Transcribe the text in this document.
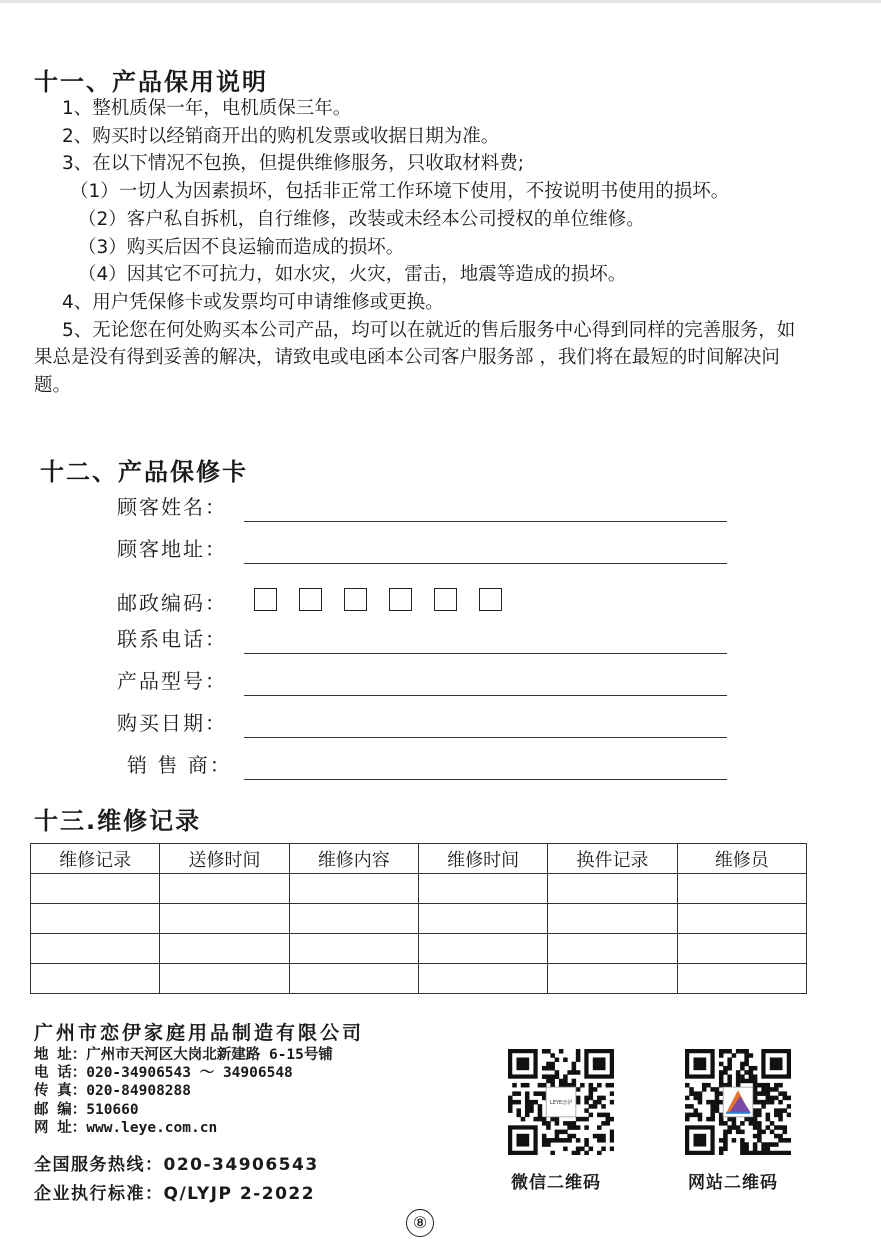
十一、产品保用说明

1、整机质保一年，电机质保三年。

2、购买时以经销商开出的购机发票或收据日期为准。

3、在以下情况不包换，但提供维修服务，只收取材料费;

（1）一切人为因素损坏，包括非正常工作环境下使用，不按说明书使用的损坏。

（2）客户私自拆机，自行维修，改装或未经本公司授权的单位维修。

（3）购买后因不良运输而造成的损坏。

（4）因其它不可抗力，如水灾，火灾，雷击，地震等造成的损坏。

4、用户凭保修卡或发票均可申请维修或更换。

5、无论您在何处购买本公司产品，均可以在就近的售后服务中心得到同样的完善服务，如果总是没有得到妥善的解决，请致电或电函本公司客户服务部 ，我们将在最短的时间解决问题。

十二、产品保修卡
顾客姓名：
顾客地址：
邮政编码：
联系电话：
产品型号：
购买日期：
销 售 商：
十三.维修记录
维修记录	送修时间	维修内容	维修时间	换件记录	维修员

广州市恋伊家庭用品制造有限公司
地 址：广州市天河区大岗北新建路 6-15号铺
电 话：020-34906543 ～ 34906548
传 真：020-84908288
邮 编：510660
网 址：www.leye.com.cn
全国服务热线：020-34906543
企业执行标准：Q/LYJP 2-2022
LEYE恋伊
微信二维码	网站二维码
⑧
